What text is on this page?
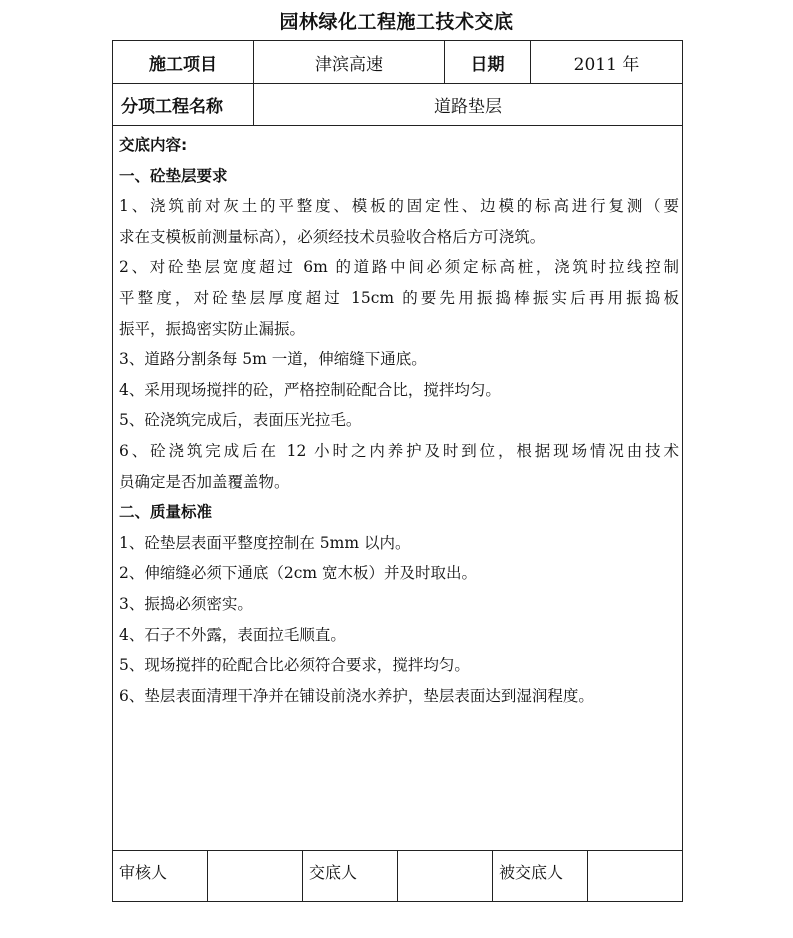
园林绿化工程施工技术交底
施工项目	津滨高速	日期	2011 年
分项工程名称	道路垫层
交底内容:
一、砼垫层要求
1、浇筑前对灰土的平整度、模板的固定性、边模的标高进行复测（要
求在支模板前测量标高），必须经技术员验收合格后方可浇筑。
2、对砼垫层宽度超过 6m 的道路中间必须定标高桩，浇筑时拉线控制
平整度，对砼垫层厚度超过 15cm 的要先用振捣棒振实后再用振捣板
振平，振捣密实防止漏振。
3、道路分割条每 5m 一道，伸缩缝下通底。
4、采用现场搅拌的砼，严格控制砼配合比，搅拌均匀。
5、砼浇筑完成后，表面压光拉毛。
6、砼浇筑完成后在 12 小时之内养护及时到位，根据现场情况由技术
员确定是否加盖覆盖物。
二、质量标准
1、砼垫层表面平整度控制在 5mm 以内。
2、伸缩缝必须下通底（2cm 宽木板）并及时取出。
3、振捣必须密实。
4、石子不外露，表面拉毛顺直。
5、现场搅拌的砼配合比必须符合要求，搅拌均匀。
6、垫层表面清理干净并在铺设前浇水养护，垫层表面达到湿润程度。
审核人	交底人	被交底人
